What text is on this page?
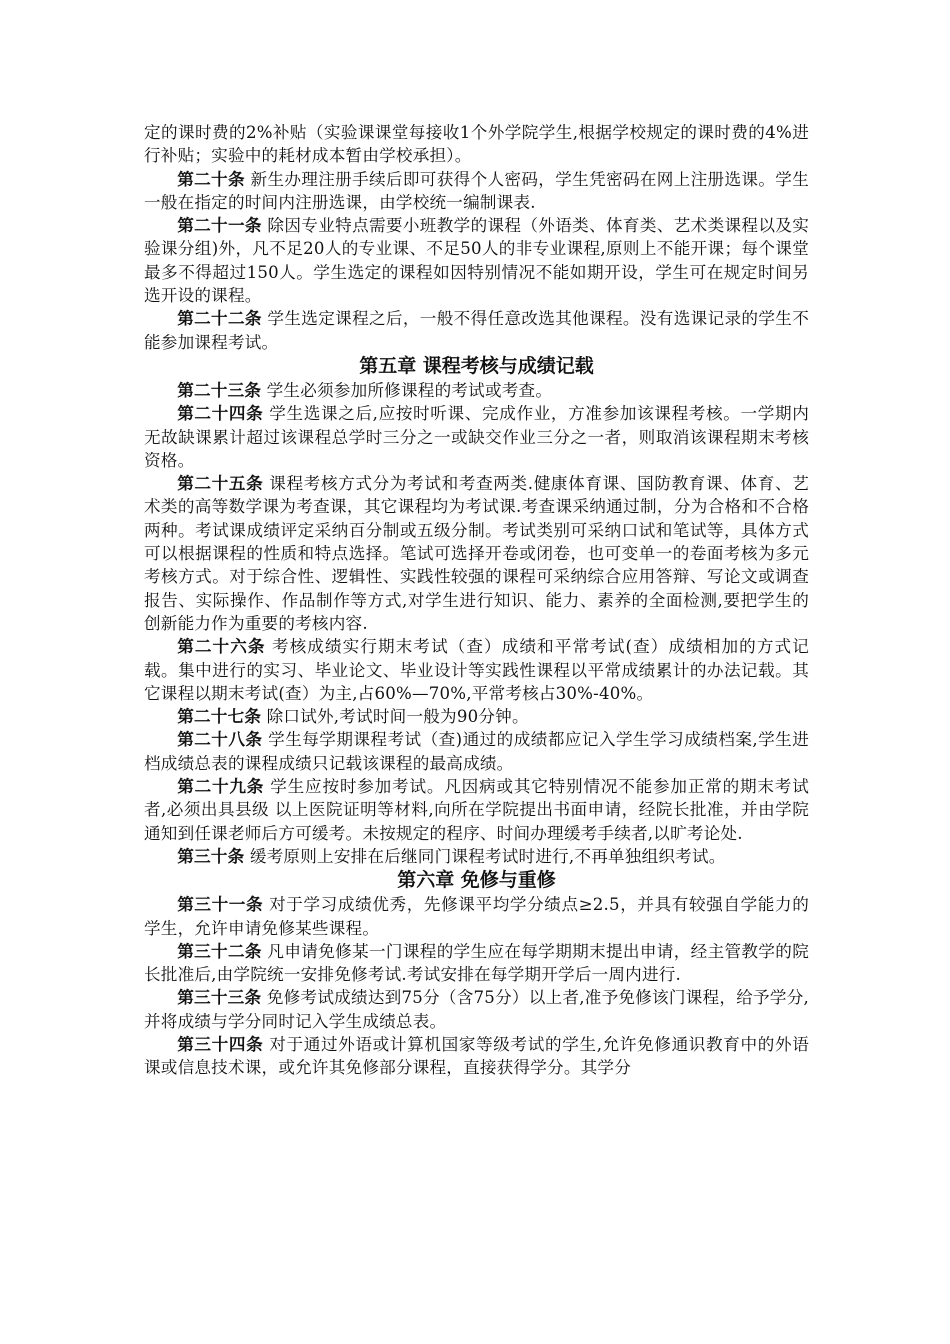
定的课时费的2%补贴（实验课课堂每接收1个外学院学生,根据学校规定的课时费的4%进行补贴；实验中的耗材成本暂由学校承担）。

第二十条 新生办理注册手续后即可获得个人密码，学生凭密码在网上注册选课。学生一般在指定的时间内注册选课，由学校统一编制课表.

第二十一条 除因专业特点需要小班教学的课程（外语类、体育类、艺术类课程以及实验课分组)外，凡不足20人的专业课、不足50人的非专业课程,原则上不能开课；每个课堂最多不得超过150人。学生选定的课程如因特别情况不能如期开设，学生可在规定时间另选开设的课程。

第二十二条 学生选定课程之后，一般不得任意改选其他课程。没有选课记录的学生不能参加课程考试。

第五章 课程考核与成绩记载

第二十三条 学生必须参加所修课程的考试或考查。

第二十四条 学生选课之后,应按时听课、完成作业，方准参加该课程考核。一学期内无故缺课累计超过该课程总学时三分之一或缺交作业三分之一者，则取消该课程期末考核资格。

第二十五条 课程考核方式分为考试和考查两类.健康体育课、国防教育课、体育、艺术类的高等数学课为考查课，其它课程均为考试课.考查课采纳通过制，分为合格和不合格两种。考试课成绩评定采纳百分制或五级分制。考试类别可采纳口试和笔试等，具体方式可以根据课程的性质和特点选择。笔试可选择开卷或闭卷，也可变单一的卷面考核为多元考核方式。对于综合性、逻辑性、实践性较强的课程可采纳综合应用答辩、写论文或调查报告、实际操作、作品制作等方式,对学生进行知识、能力、素养的全面检测,要把学生的创新能力作为重要的考核内容.

第二十六条 考核成绩实行期末考试（查）成绩和平常考试(查）成绩相加的方式记载。集中进行的实习、毕业论文、毕业设计等实践性课程以平常成绩累计的办法记载。其它课程以期末考试(查）为主,占60%—70%,平常考核占30%-40%。

第二十七条 除口试外,考试时间一般为90分钟。

第二十八条 学生每学期课程考试（查)通过的成绩都应记入学生学习成绩档案,学生进档成绩总表的课程成绩只记载该课程的最高成绩。

第二十九条 学生应按时参加考试。凡因病或其它特别情况不能参加正常的期末考试者,必须出具县级 以上医院证明等材料,向所在学院提出书面申请，经院长批准，并由学院通知到任课老师后方可缓考。未按规定的程序、时间办理缓考手续者,以旷考论处.

第三十条 缓考原则上安排在后继同门课程考试时进行,不再单独组织考试。

第六章 免修与重修

第三十一条 对于学习成绩优秀，先修课平均学分绩点≥2.5，并具有较强自学能力的学生，允许申请免修某些课程。

第三十二条 凡申请免修某一门课程的学生应在每学期期末提出申请，经主管教学的院长批准后,由学院统一安排免修考试.考试安排在每学期开学后一周内进行.

第三十三条 免修考试成绩达到75分（含75分）以上者,准予免修该门课程，给予学分,并将成绩与学分同时记入学生成绩总表。

第三十四条 对于通过外语或计算机国家等级考试的学生,允许免修通识教育中的外语课或信息技术课，或允许其免修部分课程，直接获得学分。其学分
